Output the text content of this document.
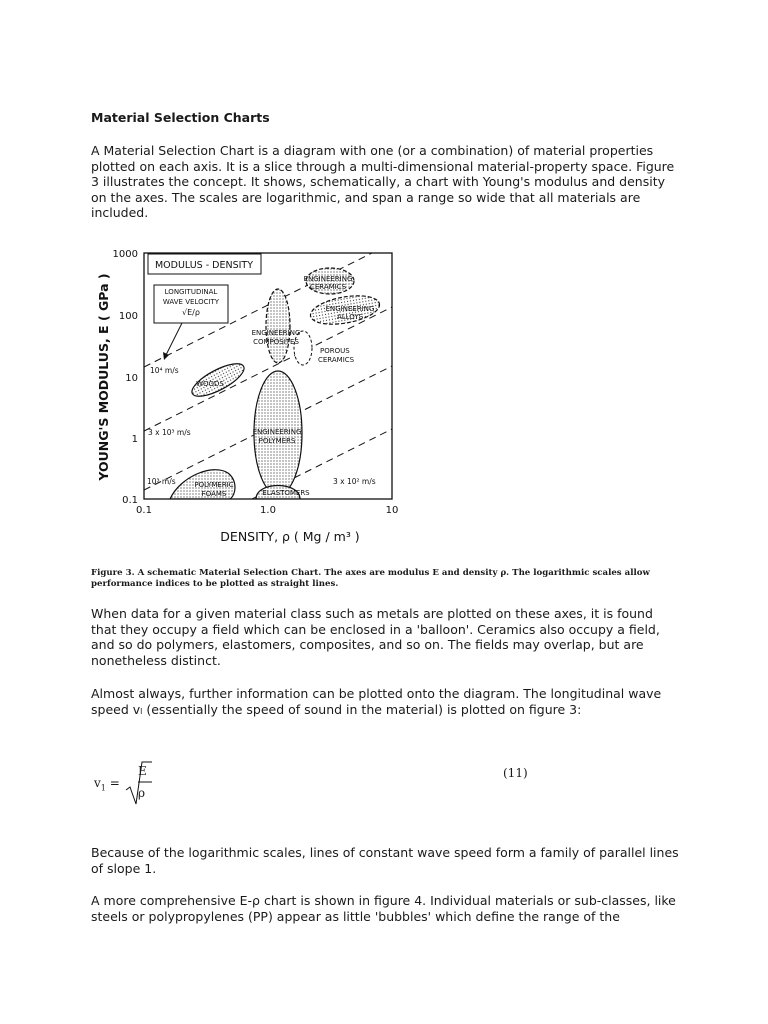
Material Selection Charts

A Material Selection Chart is a diagram with one (or a combination) of material properties plotted on each axis. It is a slice through a multi-dimensional material-property space. Figure 3 illustrates the concept. It shows, schematically, a chart with Young's modulus and density on the axes. The scales are logarithmic, and span a range so wide that all materials are included.

YOUNG'S MODULUS, E ( GPa )
1000
100
10
1
0.1
0.1	1.0	10
DENSITY, ρ ( Mg / m³ )
MODULUS - DENSITY
LONGITUDINAL
WAVE VELOCITY
√E/ρ
ENGINEERING
CERAMICS
ENGINEERING
ALLOYS
ENGINEERING
COMPOSITES
POROUS
CERAMICS
WOODS
ENGINEERING
POLYMERS
POLYMERIC
FOAMS	ELASTOMERS
10⁴ m/s
3 x 10³ m/s
10³ m/s	3 x 10² m/s

Figure 3. A schematic Material Selection Chart. The axes are modulus E and density ρ. The logarithmic scales allow performance indices to be plotted as straight lines.

When data for a given material class such as metals are plotted on these axes, it is found that they occupy a field which can be enclosed in a 'balloon'. Ceramics also occupy a field, and so do polymers, elastomers, composites, and so on. The fields may overlap, but are nonetheless distinct.

Almost always, further information can be plotted onto the diagram. The longitudinal wave speed vl (essentially the speed of sound in the material) is plotted on figure 3:

$v_1$ =
E
ρ
(11)

Because of the logarithmic scales, lines of constant wave speed form a family of parallel lines of slope 1.

A more comprehensive E-ρ chart is shown in figure 4. Individual materials or sub-classes, like steels or polypropylenes (PP) appear as little 'bubbles' which define the range of the
